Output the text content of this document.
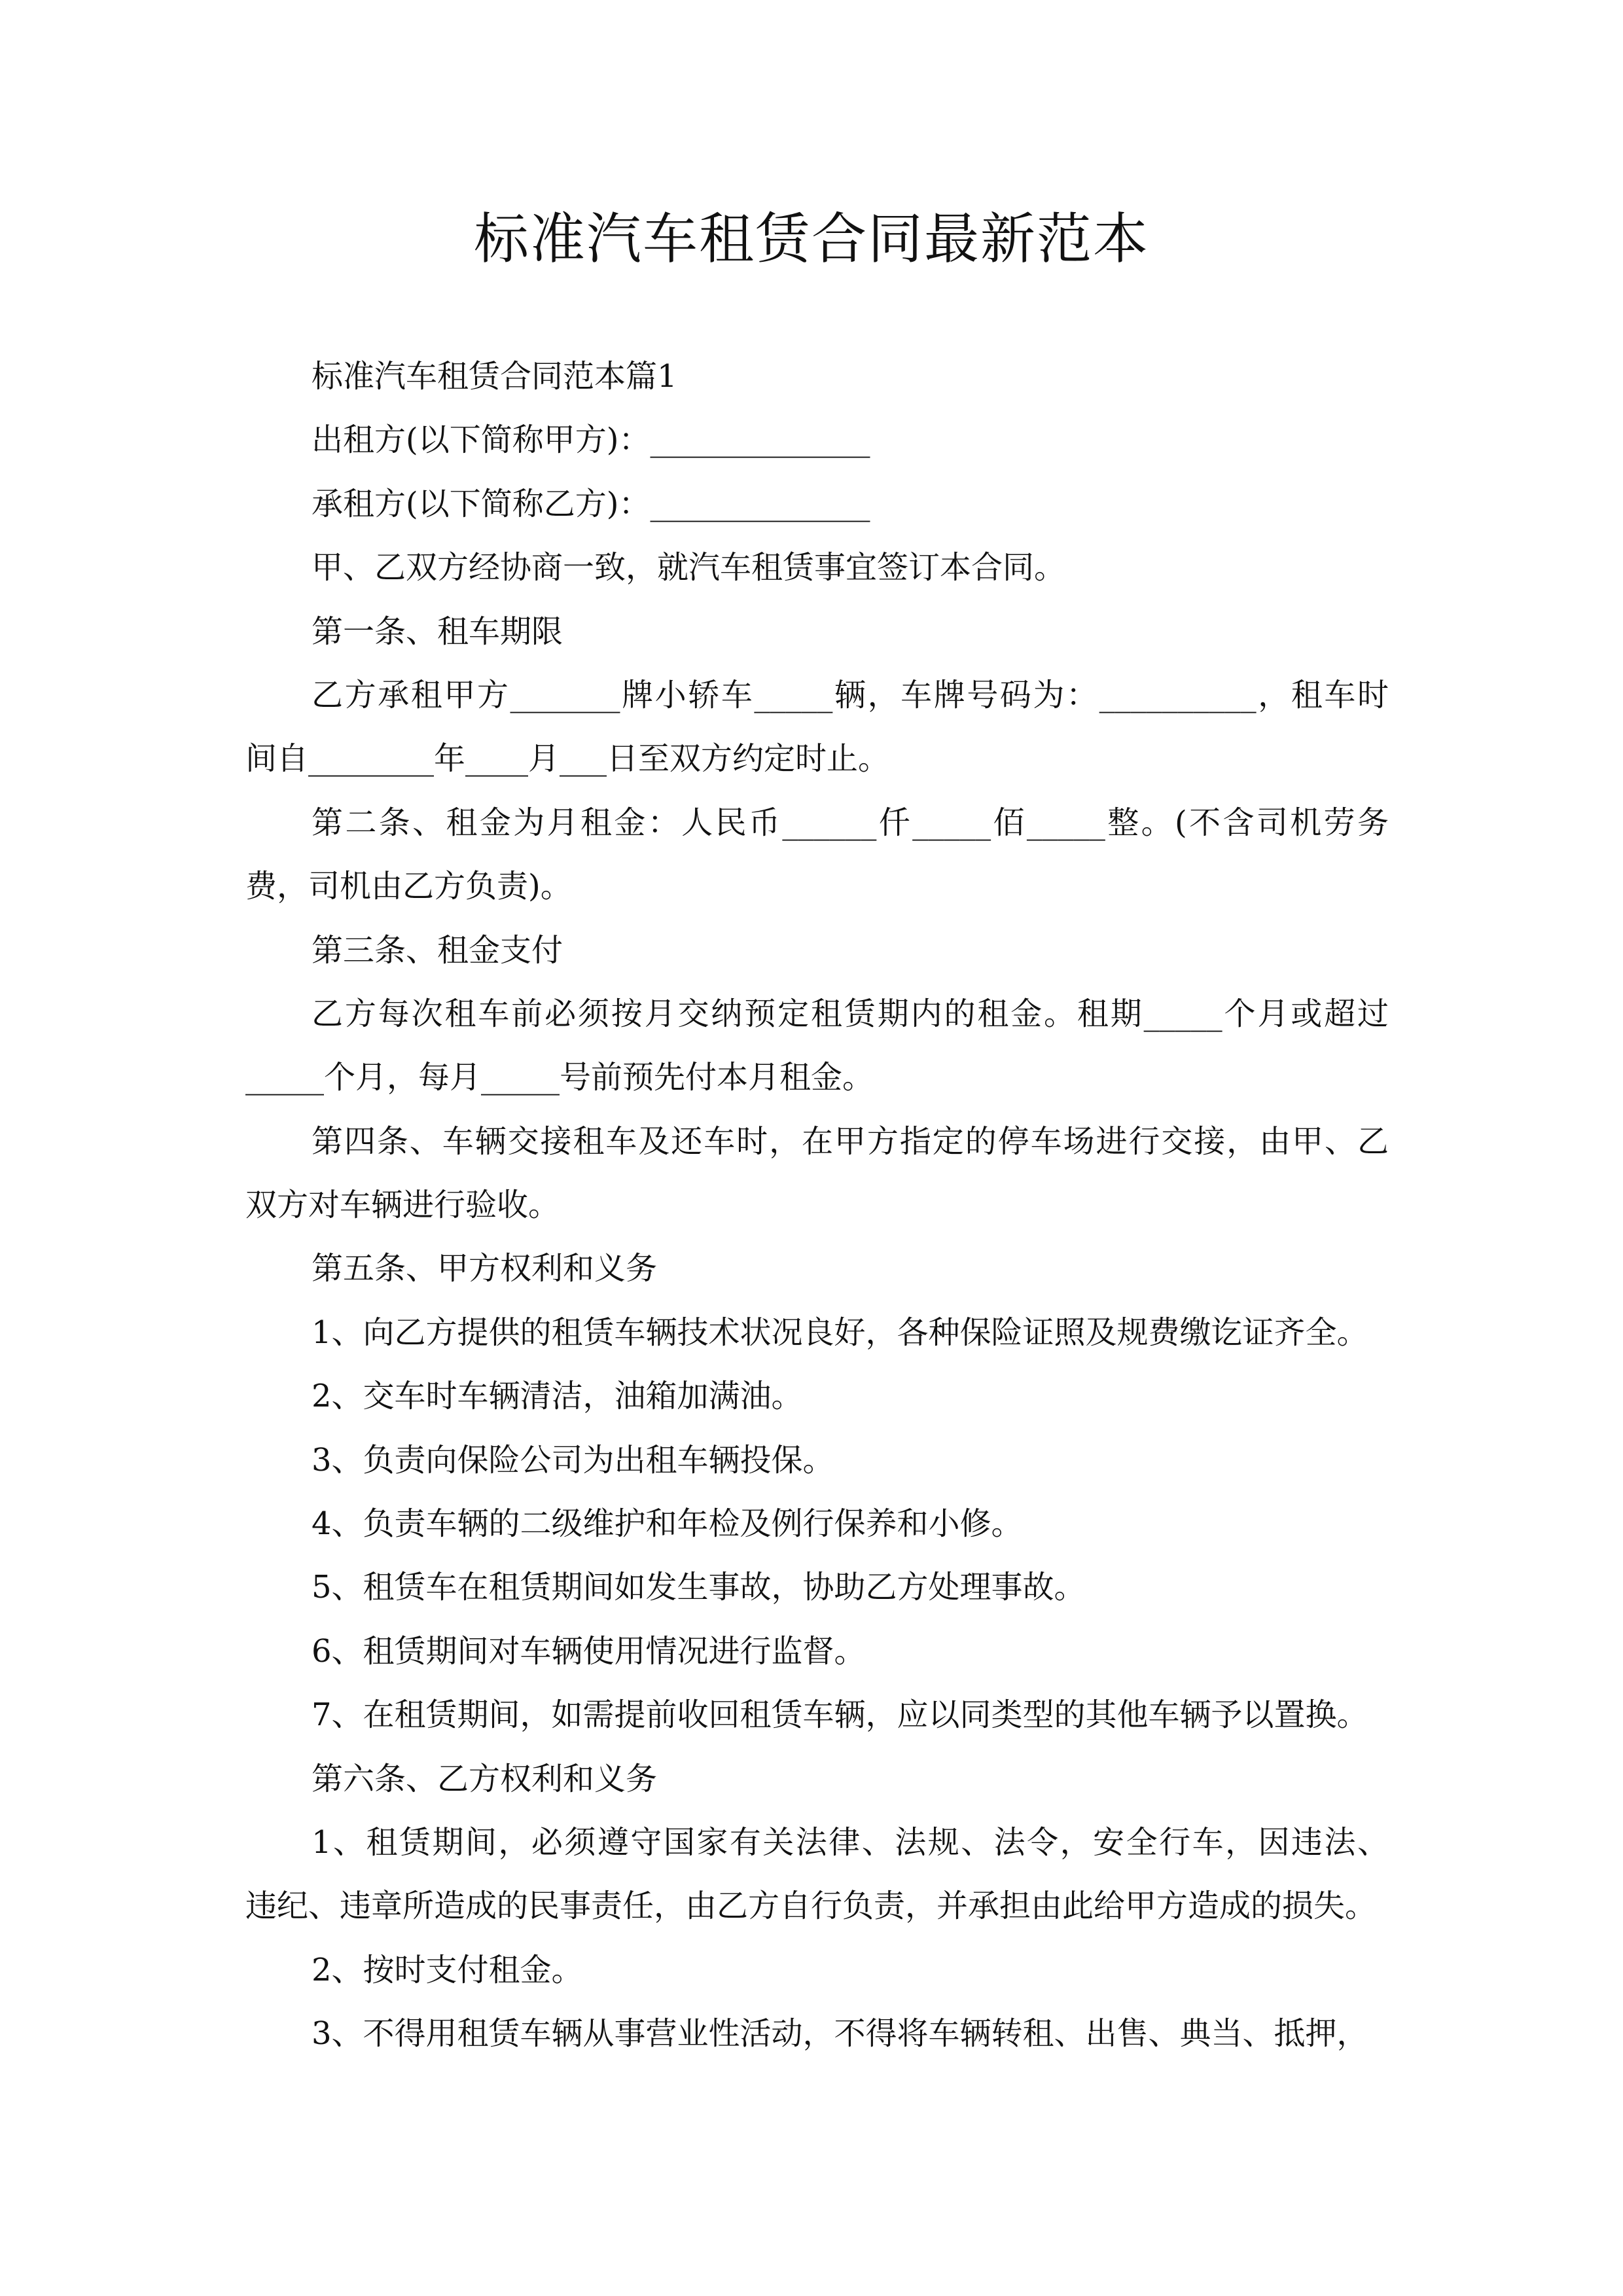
标准汽车租赁合同最新范本
标准汽车租赁合同范本篇1
出租方(以下简称甲方)：______________
承租方(以下简称乙方)：______________
甲、乙双方经协商一致，就汽车租赁事宜签订本合同。
第一条、租车期限
乙方承租甲方_______牌小轿车_____辆，车牌号码为：__________，租车时
间自________年____月___日至双方约定时止。
第二条、租金为月租金：人民币______仟_____佰_____整。(不含司机劳务
费，司机由乙方负责)。
第三条、租金支付
乙方每次租车前必须按月交纳预定租赁期内的租金。租期_____个月或超过
_____个月，每月_____号前预先付本月租金。
第四条、车辆交接租车及还车时，在甲方指定的停车场进行交接，由甲、乙
双方对车辆进行验收。
第五条、甲方权利和义务
1、向乙方提供的租赁车辆技术状况良好，各种保险证照及规费缴讫证齐全。
2、交车时车辆清洁，油箱加满油。
3、负责向保险公司为出租车辆投保。
4、负责车辆的二级维护和年检及例行保养和小修。
5、租赁车在租赁期间如发生事故，协助乙方处理事故。
6、租赁期间对车辆使用情况进行监督。
7、在租赁期间，如需提前收回租赁车辆，应以同类型的其他车辆予以置换。
第六条、乙方权利和义务
1、租赁期间，必须遵守国家有关法律、法规、法令，安全行车，因违法、
违纪、违章所造成的民事责任，由乙方自行负责，并承担由此给甲方造成的损失。
2、按时支付租金。
3、不得用租赁车辆从事营业性活动，不得将车辆转租、出售、典当、抵押，
